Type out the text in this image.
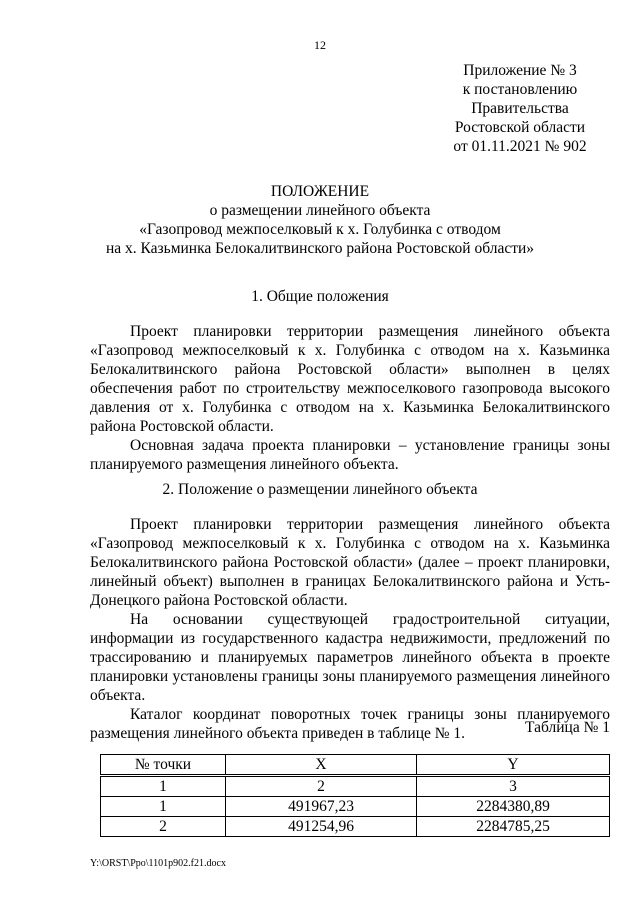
12
Приложение № 3
к постановлению
Правительства
Ростовской области
от 01.11.2021 № 902
ПОЛОЖЕНИЕ
о размещении линейного объекта
«Газопровод межпоселковый к х. Голубинка с отводом
на х. Казьминка Белокалитвинского района Ростовской области»
1. Общие положения

Проект планировки территории размещения линейного объекта «Газопровод межпоселковый к х. Голубинка с отводом на х. Казьминка Белокалитвинского района Ростовской области» выполнен в целях обеспечения работ по строительству межпоселкового газопровода высокого давления от х. Голубинка с отводом на х. Казьминка Белокалитвинского района Ростовской области.

Основная задача проекта планировки – установление границы зоны планируемого размещения линейного объекта.

2. Положение о размещении линейного объекта

Проект планировки территории размещения линейного объекта «Газопровод межпоселковый к х. Голубинка с отводом на х. Казьминка Белокалитвинского района Ростовской области» (далее – проект планировки, линейный объект) выполнен в границах Белокалитвинского района и Усть-Донецкого района Ростовской области.

На основании существующей градостроительной ситуации, информации из государственного кадастра недвижимости, предложений по трассированию и планируемых параметров линейного объекта в проекте планировки установлены границы зоны планируемого размещения линейного объекта.

Каталог координат поворотных точек границы зоны планируемого размещения линейного объекта приведен в таблице № 1.	Таблица № 1
№ точки	X	Y
1	2	3
1	491967,23	2284380,89
2	491254,96	2284785,25
Y:\ORST\Ppo\1101p902.f21.docx
